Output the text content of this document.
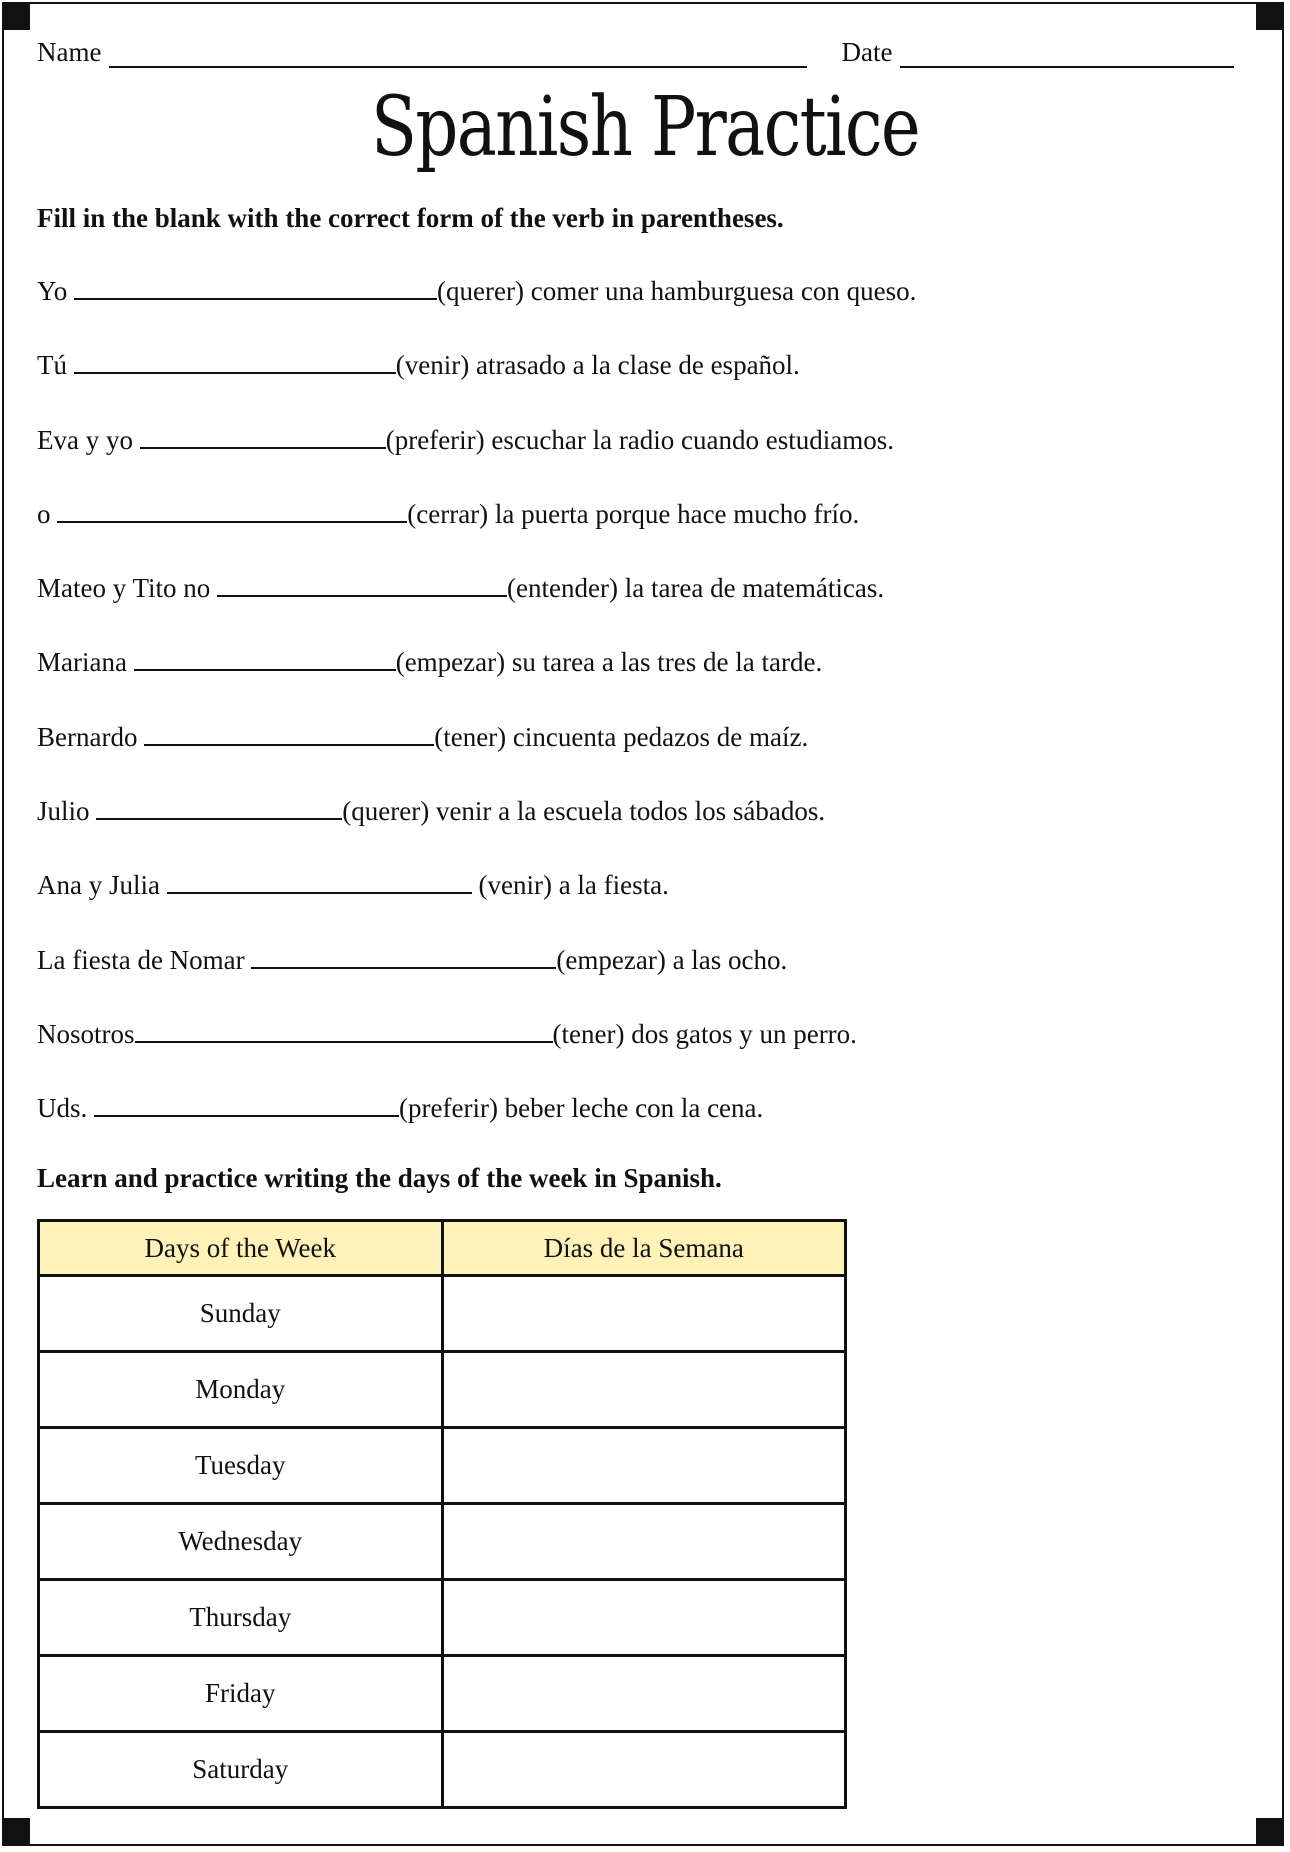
Name	Date
Spanish Practice
Fill in the blank with the correct form of the verb in parentheses.
Yo	(querer) comer una hamburguesa con queso.
Tú	(venir) atrasado a la clase de español.
Eva y yo	(preferir) escuchar la radio cuando estudiamos.
o	(cerrar) la puerta porque hace mucho frío.
Mateo y Tito no	(entender) la tarea de matemáticas.
Mariana	(empezar) su tarea a las tres de la tarde.
Bernardo	(tener) cincuenta pedazos de maíz.
Julio	(querer) venir a la escuela todos los sábados.
Ana y Julia	(venir) a la fiesta.
La fiesta de Nomar	(empezar) a las ocho.
Nosotros	(tener) dos gatos y un perro.
Uds.	(preferir) beber leche con la cena.
Learn and practice writing the days of the week in Spanish.
Days of the Week	Días de la Semana
Sunday	
Monday	
Tuesday	
Wednesday	
Thursday	
Friday	
Saturday	
